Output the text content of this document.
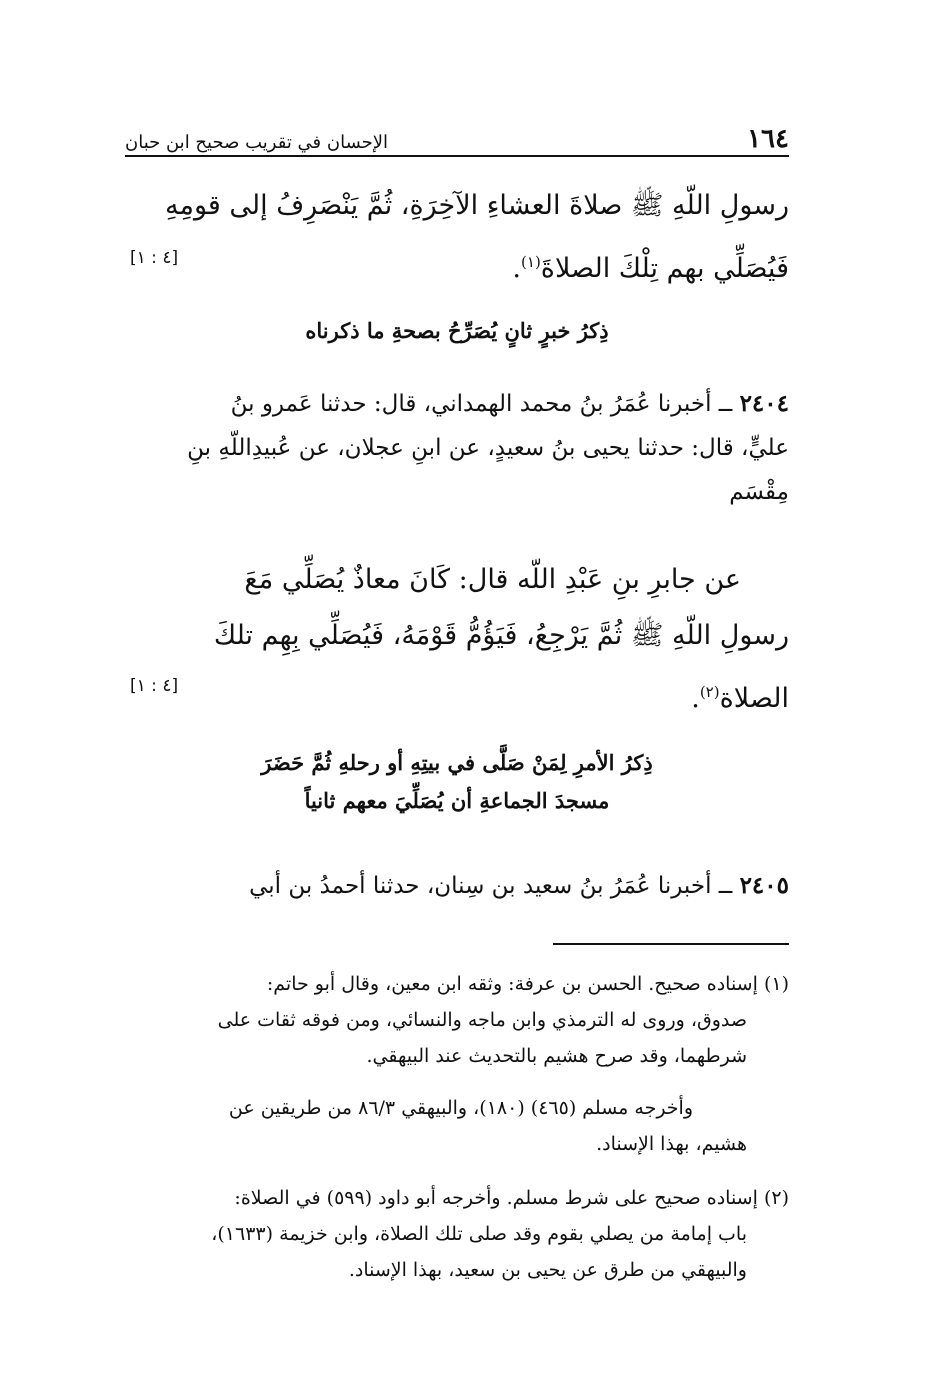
١٦٤
الإحسان في تقريب صحيح ابن حبان
رسولِ اللّهِ ﷺ صلاةَ العشاءِ الآخِرَةِ، ثُمَّ يَنْصَرِفُ إلى قومِهِ
فَيُصَلِّي بهم تِلْكَ الصلاةَ$^{(١)}$.
[٤ : ١]
ذِكرُ خبرٍ ثانٍ يُصَرِّحُ بصحةِ ما ذكرناه
٢٤٠٤ ــ أخبرنا عُمَرُ بنُ محمد الهمداني، قال: حدثنا عَمرو بنُ
عليٍّ، قال: حدثنا يحيى بنُ سعيدٍ، عن ابنِ عجلان، عن عُبيدِاللّهِ بنِ
مِقْسَم
عن جابرِ بنِ عَبْدِ اللّه قال: كَانَ معاذٌ يُصَلِّي مَعَ
رسولِ اللّهِ ﷺ ثُمَّ يَرْجِعُ، فَيَؤُمُّ قَوْمَهُ، فَيُصَلِّي بِهِم تلكَ
الصلاة$^{(٢)}$.
[٤ : ١]
ذِكرُ الأمرِ لِمَنْ صَلَّى في بيتِهِ أو رحلهِ ثُمَّ حَضَرَ
مسجدَ الجماعةِ أن يُصَلِّيَ معهم ثانياً
٢٤٠٥ ــ أخبرنا عُمَرُ بنُ سعيد بن سِنان، حدثنا أحمدُ بن أبي
(١) إسناده صحيح. الحسن بن عرفة: وثقه ابن معين، وقال أبو حاتم:
صدوق، وروى له الترمذي وابن ماجه والنسائي، ومن فوقه ثقات على
شرطهما، وقد صرح هشيم بالتحديث عند البيهقي.
وأخرجه مسلم (٤٦٥) (١٨٠)، والبيهقي ٨٦/٣ من طريقين عن
هشيم، بهذا الإسناد.
(٢) إسناده صحيح على شرط مسلم. وأخرجه أبو داود (٥٩٩) في الصلاة:
باب إمامة من يصلي بقوم وقد صلى تلك الصلاة، وابن خزيمة (١٦٣٣)،
والبيهقي من طرق عن يحيى بن سعيد، بهذا الإسناد.
